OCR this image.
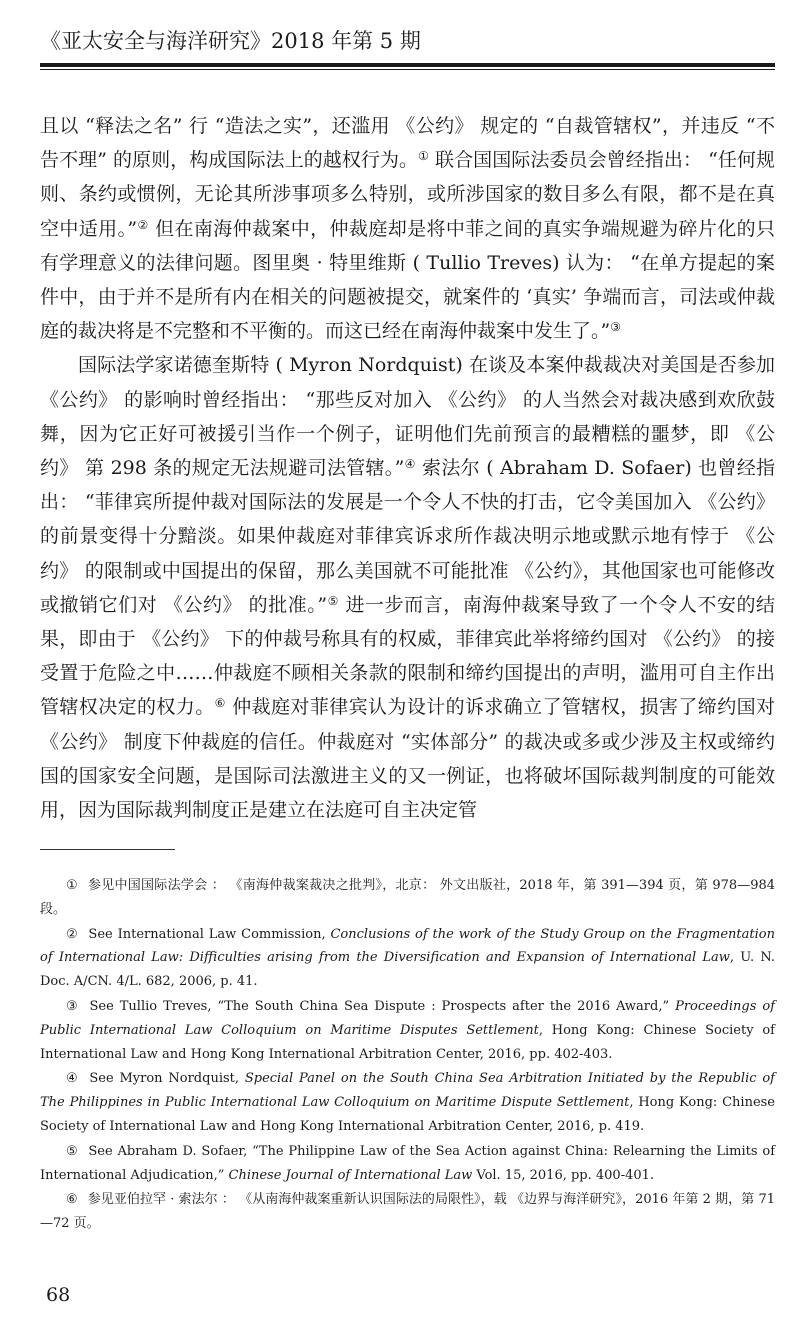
《亚太安全与海洋研究》2018 年第 5 期

且以 “释法之名” 行 “造法之实”，还滥用 《公约》 规定的 “自裁管辖权”，并违反 “不告不理” 的原则，构成国际法上的越权行为。① 联合国国际法委员会曾经指出： “任何规则、条约或惯例，无论其所涉事项多么特别，或所涉国家的数目多么有限，都不是在真空中适用。”② 但在南海仲裁案中，仲裁庭却是将中菲之间的真实争端规避为碎片化的只有学理意义的法律问题。图里奥 · 特里维斯 ( Tullio Treves) 认为： “在单方提起的案件中，由于并不是所有内在相关的问题被提交，就案件的 ‘真实’ 争端而言，司法或仲裁庭的裁决将是不完整和不平衡的。而这已经在南海仲裁案中发生了。”③

国际法学家诺德奎斯特 ( Myron Nordquist) 在谈及本案仲裁裁决对美国是否参加 《公约》 的影响时曾经指出： “那些反对加入 《公约》 的人当然会对裁决感到欢欣鼓舞，因为它正好可被援引当作一个例子，证明他们先前预言的最糟糕的噩梦，即 《公约》 第 298 条的规定无法规避司法管辖。”④ 索法尔 ( Abraham D. Sofaer) 也曾经指出： “菲律宾所提仲裁对国际法的发展是一个令人不快的打击，它令美国加入 《公约》 的前景变得十分黯淡。如果仲裁庭对菲律宾诉求所作裁决明示地或默示地有悖于 《公约》 的限制或中国提出的保留，那么美国就不可能批准 《公约》，其他国家也可能修改或撤销它们对 《公约》 的批准。”⑤ 进一步而言，南海仲裁案导致了一个令人不安的结果，即由于 《公约》 下的仲裁号称具有的权威，菲律宾此举将缔约国对 《公约》 的接受置于危险之中……仲裁庭不顾相关条款的限制和缔约国提出的声明，滥用可自主作出管辖权决定的权力。⑥ 仲裁庭对菲律宾认为设计的诉求确立了管辖权，损害了缔约国对 《公约》 制度下仲裁庭的信任。仲裁庭对 “实体部分” 的裁决或多或少涉及主权或缔约国的国家安全问题，是国际司法激进主义的又一例证，也将破坏国际裁判制度的可能效用，因为国际裁判制度正是建立在法庭可自主决定管

① 参见中国国际法学会 ： 《南海仲裁案裁决之批判》，北京： 外文出版社，2018 年，第 391—394 页，第 978—984 段。

② See International Law Commission, Conclusions of the work of the Study Group on the Fragmentation of International Law: Difficulties arising from the Diversification and Expansion of International Law, U. N. Doc. A/CN. 4/L. 682, 2006, p. 41.

③ See Tullio Treves, “The South China Sea Dispute : Prospects after the 2016 Award,” Proceedings of Public International Law Colloquium on Maritime Disputes Settlement, Hong Kong: Chinese Society of International Law and Hong Kong International Arbitration Center, 2016, pp. 402-403.

④ See Myron Nordquist, Special Panel on the South China Sea Arbitration Initiated by the Republic of The Philippines in Public International Law Colloquium on Maritime Dispute Settlement, Hong Kong: Chinese Society of International Law and Hong Kong International Arbitration Center, 2016, p. 419.

⑤ See Abraham D. Sofaer, “The Philippine Law of the Sea Action against China: Relearning the Limits of International Adjudication,” Chinese Journal of International Law Vol. 15, 2016, pp. 400-401.

⑥ 参见亚伯拉罕 · 索法尔 ： 《从南海仲裁案重新认识国际法的局限性》，载 《边界与海洋研究》，2016 年第 2 期，第 71—72 页。

68
